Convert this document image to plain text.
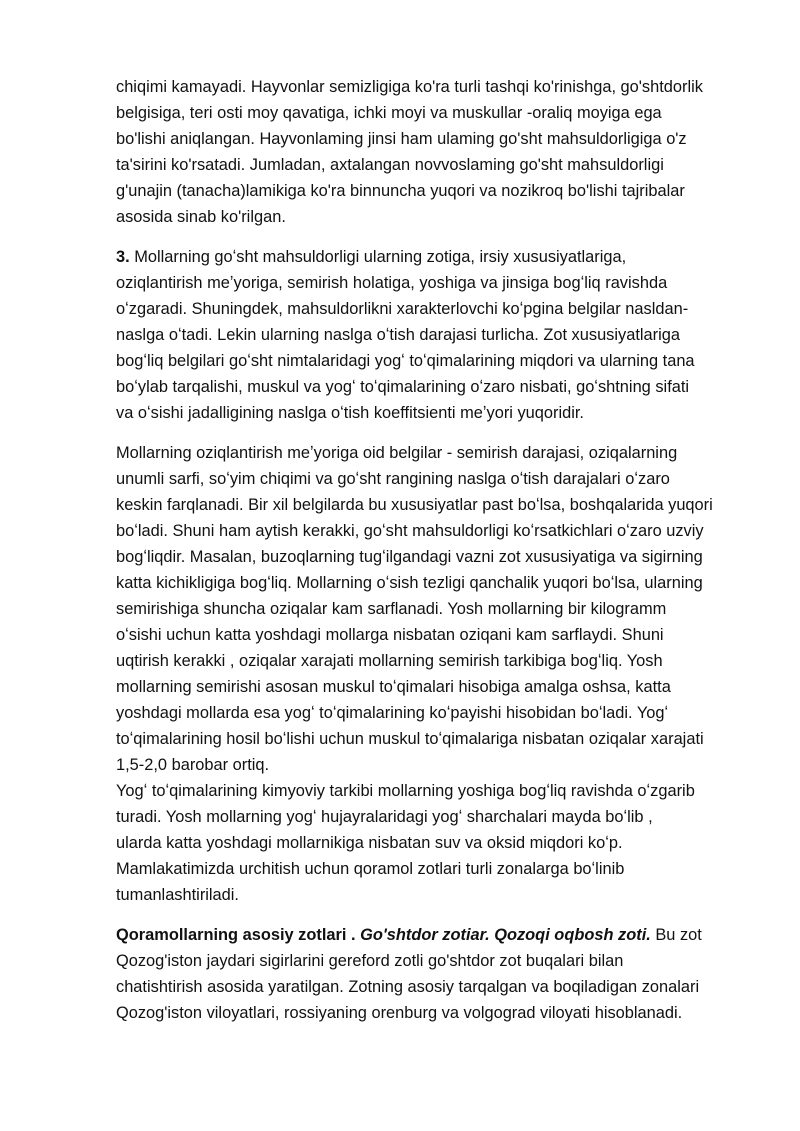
chiqimi kamayadi. Hayvonlar semizligiga ko'ra turli tashqi ko'rinishga, go'shtdorlik
belgisiga, teri osti moy qavatiga, ichki moyi va muskullar -oraliq moyiga ega
bo'lishi aniqlangan. Hayvonlaming jinsi ham ulaming go'sht mahsuldorligiga o'z
ta'sirini ko'rsatadi. Jumladan, axtalangan novvoslaming go'sht mahsuldorligi
g'unajin (tanacha)lamikiga ko'ra binnuncha yuqori va nozikroq bo'lishi tajribalar
asosida sinab ko'rilgan.

3. Mollarning goʻsht mahsuldorligi ularning zotiga, irsiy xususiyatlariga,
oziqlantirish meʼyoriga, semirish holatiga, yoshiga va jinsiga bogʻliq ravishda
oʻzgaradi. Shuningdek, mahsuldorlikni xarakterlovchi koʻpgina belgilar nasldan-
naslga oʻtadi. Lekin ularning naslga oʻtish darajasi turlicha. Zot xususiyatlariga
bogʻliq belgilari goʻsht nimtalaridagi yogʻ toʻqimalarining miqdori va ularning tana
boʻylab tarqalishi, muskul va yogʻ toʻqimalarining oʻzaro nisbati, goʻshtning sifati
va oʻsishi jadalligining naslga oʻtish koeffitsienti meʼyori yuqoridir.

Mollarning oziqlantirish meʼyoriga oid belgilar - semirish darajasi, oziqalarning
unumli sarfi, soʻyim chiqimi va goʻsht rangining naslga oʻtish darajalari oʻzaro
keskin farqlanadi. Bir xil belgilarda bu xususiyatlar past boʻlsa, boshqalarida yuqori
boʻladi. Shuni ham aytish kerakki, goʻsht mahsuldorligi koʻrsatkichlari oʻzaro uzviy
bogʻliqdir. Masalan, buzoqlarning tugʻilgandagi vazni zot xususiyatiga va sigirning
katta kichikligiga bogʻliq. Mollarning oʻsish tezligi qanchalik yuqori boʻlsa, ularning
semirishiga shuncha oziqalar kam sarflanadi. Yosh mollarning bir kilogramm
oʻsishi uchun katta yoshdagi mollarga nisbatan oziqani kam sarflaydi. Shuni
uqtirish kerakki , oziqalar xarajati mollarning semirish tarkibiga bogʻliq. Yosh
mollarning semirishi asosan muskul toʻqimalari hisobiga amalga oshsa, katta
yoshdagi mollarda esa yogʻ toʻqimalarining koʻpayishi hisobidan boʻladi. Yogʻ
toʻqimalarining hosil boʻlishi uchun muskul toʻqimalariga nisbatan oziqalar xarajati
1,5-2,0 barobar ortiq.

Yogʻ toʻqimalarining kimyoviy tarkibi mollarning yoshiga bogʻliq ravishda oʻzgarib
turadi. Yosh mollarning yogʻ hujayralaridagi yogʻ sharchalari mayda boʻlib ,
ularda katta yoshdagi mollarnikiga nisbatan suv va oksid miqdori koʻp.
Mamlakatimizda urchitish uchun qoramol zotlari turli zonalarga boʻlinib
tumanlashtiriladi.

Qoramollarning asosiy zotlari . Go'shtdor zotiar. Qozoqi oqbosh zoti. Bu zot
Qozog'iston jaydari sigirlarini gereford zotli go'shtdor zot buqalari bilan
chatishtirish asosida yaratilgan. Zotning asosiy tarqalgan va boqiladigan zonalari
Qozog'iston viloyatlari, rossiyaning orenburg va volgograd viloyati hisoblanadi.
